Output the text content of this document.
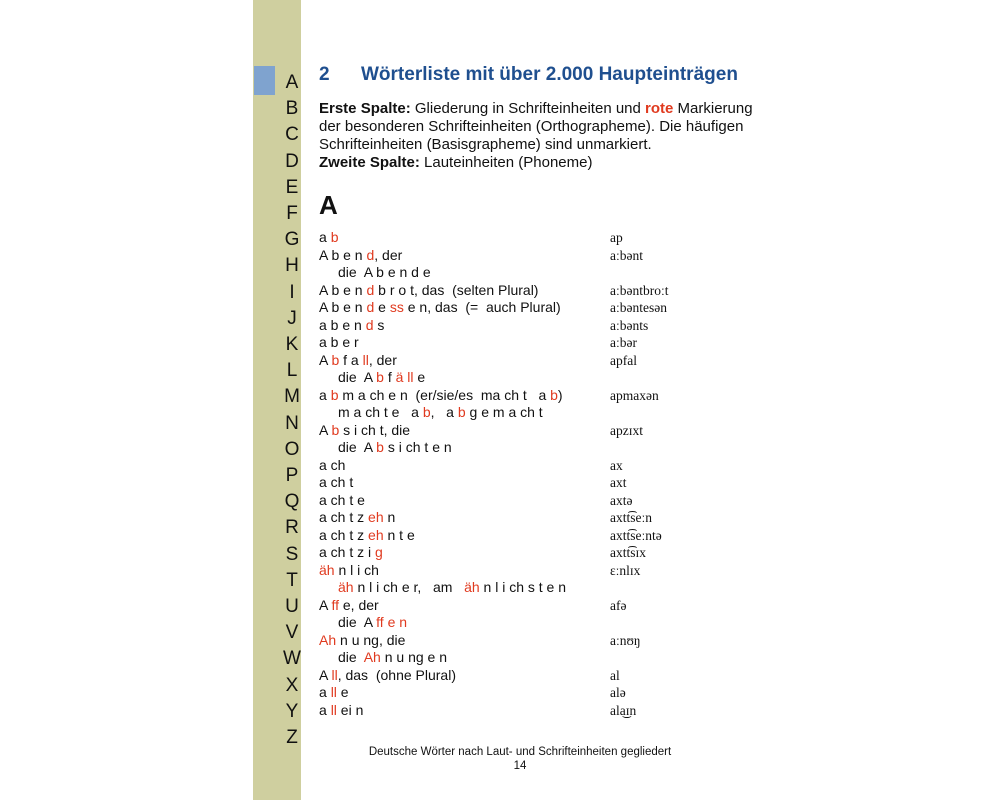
A
B
C
D
E
F
G
H
I
J
K
L
M
N
O
P
Q
R
S
T
U
V
W
X
Y
Z
2 Wörterliste mit über 2.000 Haupteinträgen

Erste Spalte: Gliederung in Schrifteinheiten und rote Markierung der besonderen Schrifteinheiten (Orthographeme). Die häufigen Schrifteinheiten (Basisgrapheme) sind unmarkiert.
Zweite Spalte: Lauteinheiten (Phoneme)

A
a b	ap
A b e n d, der	aːbənt
die  A b e n d e
A b e n d b r o t, das  (selten Plural)	aːbəntbroːt
A b e n d e ss e n, das  (=  auch Plural)	aːbəntesən
a b e n d s	aːbənts
a b e r	aːbər
A b f a ll, der	apfal
die  A b f ä ll e
a b m a ch e n  (er/sie/es  ma ch t   a b)	apmaxən
m a ch t e   a b,   a b g e m a ch t
A b s i ch t, die	apzɪxt
die  A b s i ch t e n
a ch	ax
a ch t	axt
a ch t e	axtə
a ch t z eh n	axtt͡seːn
a ch t z eh n t e	axtt͡seːntə
a ch t z i g	axtt͡sɪx
äh n l i ch	ɛːnlɪx
äh n l i ch e r,   am   äh n l i ch s t e n
A ff e, der	afə
die  A ff e n
Ah n u ng, die	aːnʊŋ
die  Ah n u ng e n
A ll, das  (ohne Plural)	al
a ll e	alə
a ll ei n	ala͜ɪn
Deutsche Wörter nach Laut- und Schrifteinheiten gegliedert
14
